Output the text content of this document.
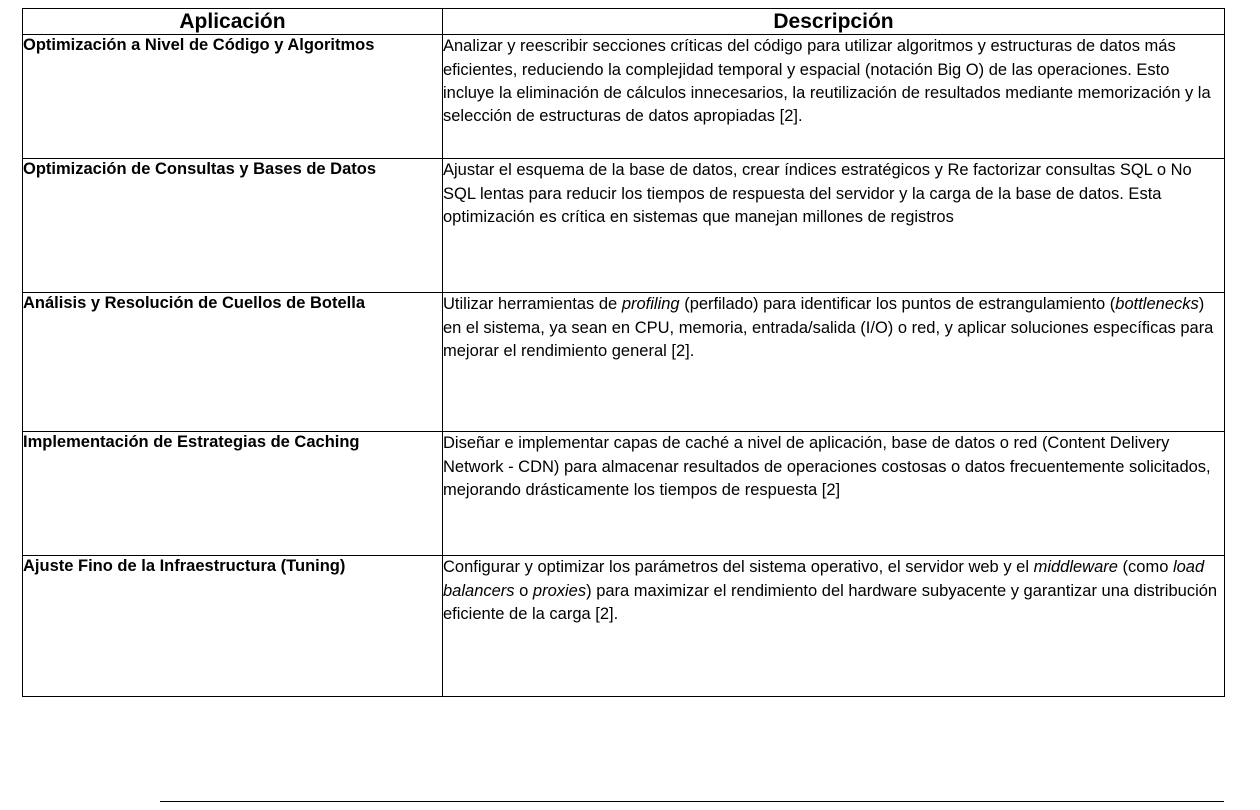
Aplicación	Descripción
Optimización a Nivel de Código y Algoritmos	Analizar y reescribir secciones críticas del código para utilizar algoritmos y estructuras de datos más eficientes, reduciendo la complejidad temporal y espacial (notación Big O) de las operaciones. Esto incluye la eliminación de cálculos innecesarios, la reutilización de resultados mediante memorización y la selección de estructuras de datos apropiadas [2].
Optimización de Consultas y Bases de Datos	Ajustar el esquema de la base de datos, crear índices estratégicos y Re factorizar consultas SQL o No SQL lentas para reducir los tiempos de respuesta del servidor y la carga de la base de datos. Esta optimización es crítica en sistemas que manejan millones de registros
Análisis y Resolución de Cuellos de Botella	Utilizar herramientas de profiling (perfilado) para identificar los puntos de estrangulamiento (bottlenecks) en el sistema, ya sean en CPU, memoria, entrada/salida (I/O) o red, y aplicar soluciones específicas para mejorar el rendimiento general [2].
Implementación de Estrategias de Caching	Diseñar e implementar capas de caché a nivel de aplicación, base de datos o red (Content Delivery Network - CDN) para almacenar resultados de operaciones costosas o datos frecuentemente solicitados, mejorando drásticamente los tiempos de respuesta [2]
Ajuste Fino de la Infraestructura (Tuning)	Configurar y optimizar los parámetros del sistema operativo, el servidor web y el middleware (como load balancers o proxies) para maximizar el rendimiento del hardware subyacente y garantizar una distribución eficiente de la carga [2].
